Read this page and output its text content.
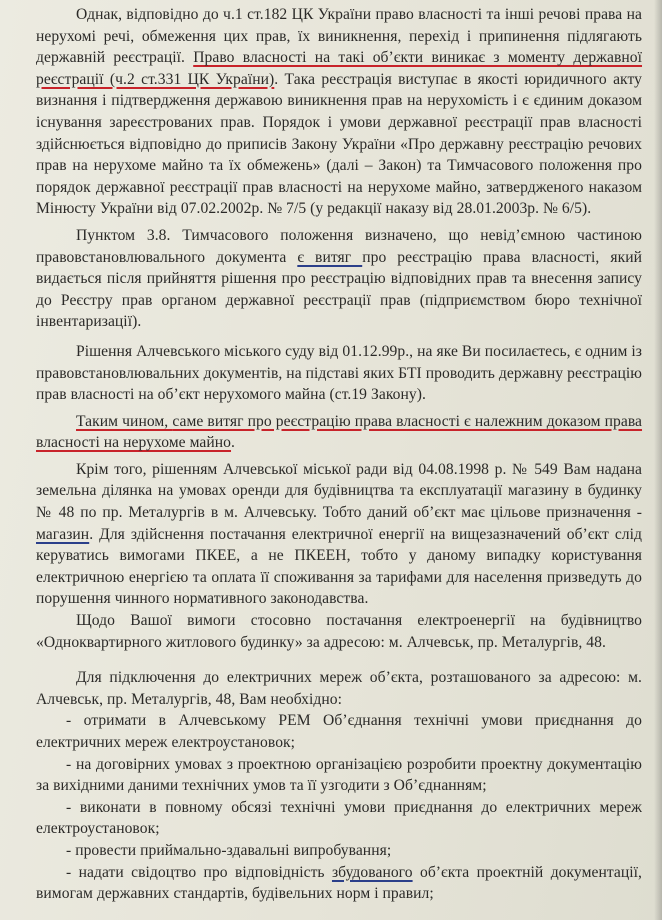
Однак, відповідно до ч.1 ст.182 ЦК України право власності та інші речові права на нерухомі речі, обмеження цих прав, їх виникнення, перехід і припинення підлягають державній реєстрації. Право власності на такі об’єкти виникає з моменту державної реєстрації (ч.2 ст.331 ЦК України). Така реєстрація виступає в якості юридичного акту визнання і підтвердження державою виникнення прав на нерухомість і є єдиним доказом існування зареєстрованих прав. Порядок і умови державної реєстрації прав власності здійснюється відповідно до приписів Закону України «Про державну реєстрацію речових прав на нерухоме майно та їх обмежень» (далі – Закон) та Тимчасового положення про порядок державної реєстрації прав власності на нерухоме майно, затвердженого наказом Мінюсту України від 07.02.2002р. № 7/5 (у редакції наказу від 28.01.2003р. № 6/5).

Пунктом 3.8. Тимчасового положення визначено, що невід’ємною частиною правовстановлювального документа є витяг про реєстрацію права власності, який видається після прийняття рішення про реєстрацію відповідних прав та внесення запису до Реєстру прав органом державної реєстрації прав (підприємством бюро технічної інвентаризації).

Рішення Алчевського міського суду від 01.12.99р., на яке Ви посилаєтесь, є одним із правовстановлювальних документів, на підставі яких БТІ проводить державну реєстрацію прав власності на об’єкт нерухомого майна (ст.19 Закону).

Таким чином, саме витяг про реєстрацію права власності є належним доказом права власності на нерухоме майно.

Крім того, рішенням Алчевської міської ради від 04.08.1998 р. № 549 Вам надана земельна ділянка на умовах оренди для будівництва та експлуатації магазину в будинку № 48 по пр. Металургів в м. Алчевську. Тобто даний об’єкт має цільове призначення - магазин. Для здійснення постачання електричної енергії на вищезазначений об’єкт слід керуватись вимогами ПКЕЕ, а не ПКЕЕН, тобто у даному випадку користування електричною енергією та оплата її споживання за тарифами для населення призведуть до порушення чинного нормативного законодавства.

Щодо Вашої вимоги стосовно постачання електроенергії на будівництво «Одноквартирного житлового будинку» за адресою: м. Алчевськ, пр. Металургів, 48.

Для підключення до електричних мереж об’єкта, розташованого за адресою: м. Алчевськ, пр. Металургів, 48, Вам необхідно:

- отримати в Алчевському РЕМ Об’єднання технічні умови приєднання до електричних мереж електроустановок;

- на договірних умовах з проектною організацією розробити проектну документацію за вихідними даними технічних умов та її узгодити з Об’єднанням;

- виконати в повному обсязі технічні умови приєднання до електричних мереж електроустановок;

- провести приймально-здавальні випробування;

- надати свідоцтво про відповідність збудованого об’єкта проектній документації, вимогам державних стандартів, будівельних норм і правил;
